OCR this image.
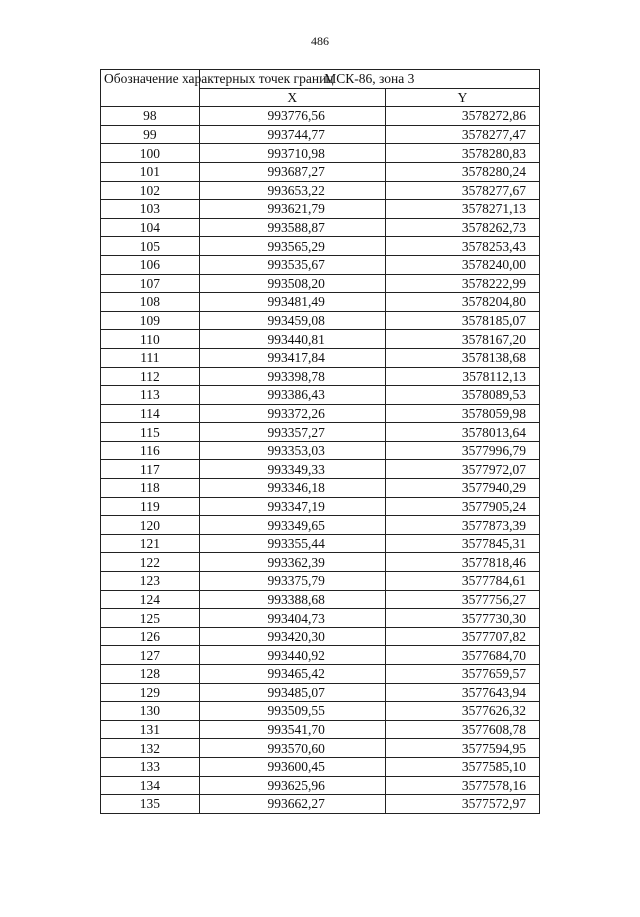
486
Обозначение характерных точек границ	МСК-86, зона 3	
	X	Y
98	993776,56	3578272,86
99	993744,77	3578277,47
100	993710,98	3578280,83
101	993687,27	3578280,24
102	993653,22	3578277,67
103	993621,79	3578271,13
104	993588,87	3578262,73
105	993565,29	3578253,43
106	993535,67	3578240,00
107	993508,20	3578222,99
108	993481,49	3578204,80
109	993459,08	3578185,07
110	993440,81	3578167,20
111	993417,84	3578138,68
112	993398,78	3578112,13
113	993386,43	3578089,53
114	993372,26	3578059,98
115	993357,27	3578013,64
116	993353,03	3577996,79
117	993349,33	3577972,07
118	993346,18	3577940,29
119	993347,19	3577905,24
120	993349,65	3577873,39
121	993355,44	3577845,31
122	993362,39	3577818,46
123	993375,79	3577784,61
124	993388,68	3577756,27
125	993404,73	3577730,30
126	993420,30	3577707,82
127	993440,92	3577684,70
128	993465,42	3577659,57
129	993485,07	3577643,94
130	993509,55	3577626,32
131	993541,70	3577608,78
132	993570,60	3577594,95
133	993600,45	3577585,10
134	993625,96	3577578,16
135	993662,27	3577572,97
